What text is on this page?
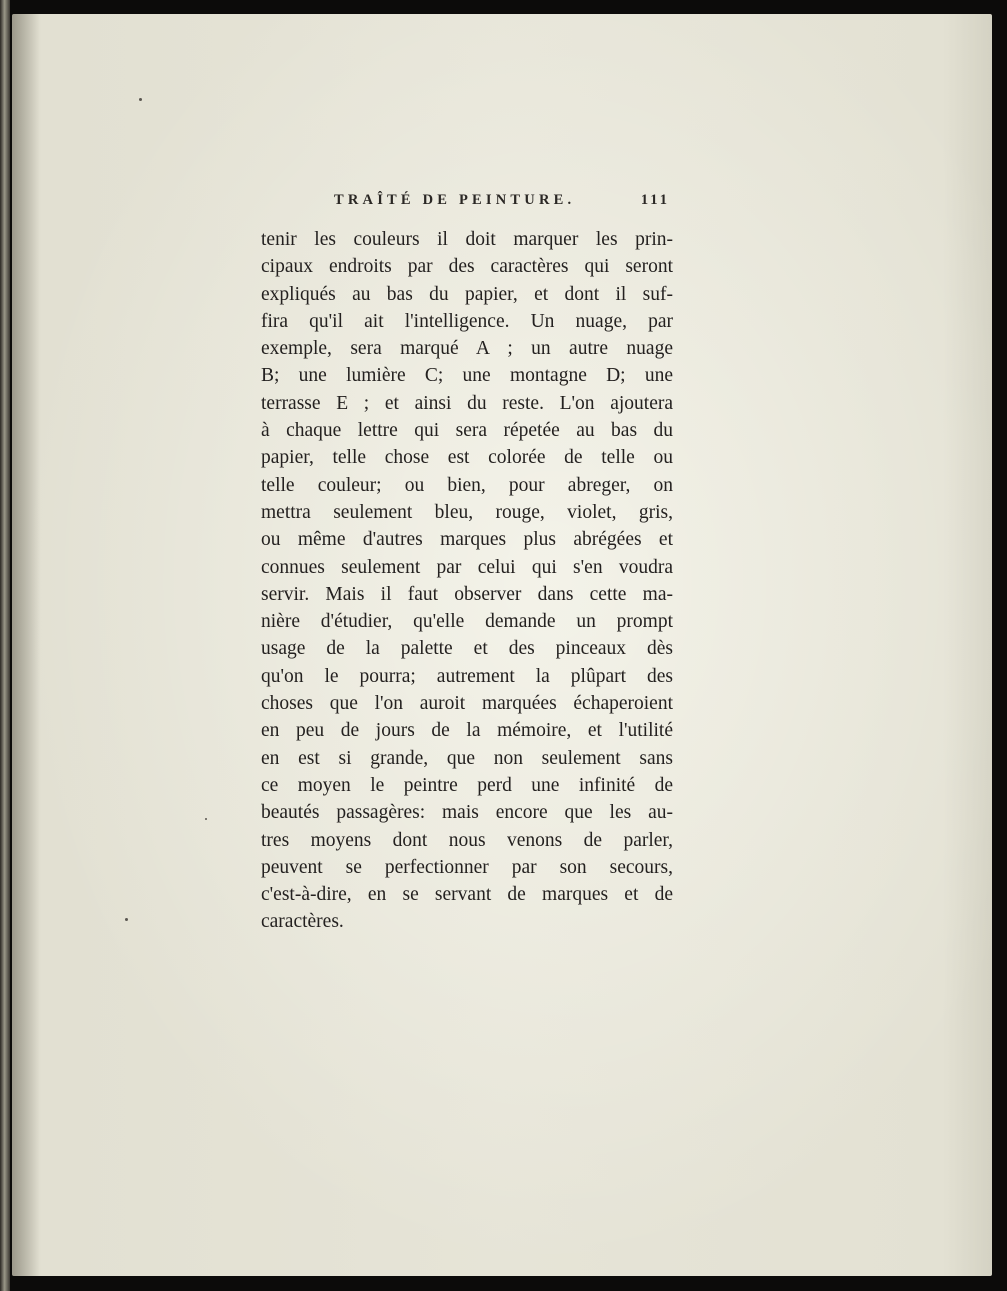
TRAÎTÉ DE PEINTURE.	111
tenir les couleurs il doit marquer les prin-
cipaux endroits par des caractères qui seront
expliqués au bas du papier, et dont il suf-
fira qu'il ait l'intelligence. Un nuage, par
exemple, sera marqué A ; un autre nuage
B; une lumière C; une montagne D; une
terrasse E ; et ainsi du reste. L'on ajoutera
à chaque lettre qui sera répetée au bas du
papier, telle chose est colorée de telle ou
telle couleur; ou bien, pour abreger, on
mettra seulement bleu, rouge, violet, gris,
ou même d'autres marques plus abrégées et
connues seulement par celui qui s'en voudra
servir. Mais il faut observer dans cette ma-
nière d'étudier, qu'elle demande un prompt
usage de la palette et des pinceaux dès
qu'on le pourra; autrement la plûpart des
choses que l'on auroit marquées échaperoient
en peu de jours de la mémoire, et l'utilité
en est si grande, que non seulement sans
ce moyen le peintre perd une infinité de
beautés passagères: mais encore que les au-
tres moyens dont nous venons de parler,
peuvent se perfectionner par son secours,
c'est-à-dire, en se servant de marques et de
caractères.
